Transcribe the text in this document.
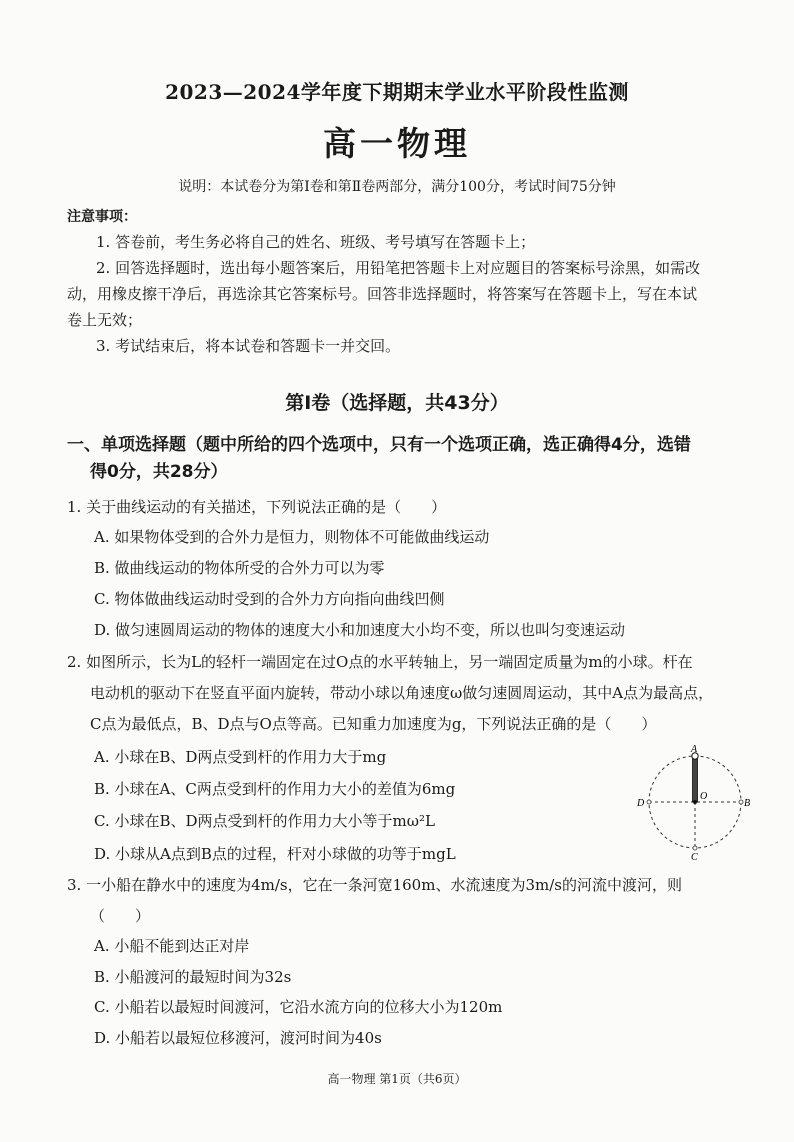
2023—2024学年度下期期末学业水平阶段性监测
高一物理
说明：本试卷分为第Ⅰ卷和第Ⅱ卷两部分，满分100分，考试时间75分钟
注意事项：
1. 答卷前，考生务必将自己的姓名、班级、考号填写在答题卡上；
2. 回答选择题时，选出每小题答案后，用铅笔把答题卡上对应题目的答案标号涂黑，如需改
动，用橡皮擦干净后，再选涂其它答案标号。回答非选择题时，将答案写在答题卡上，写在本试
卷上无效；
3. 考试结束后，将本试卷和答题卡一并交回。
第Ⅰ卷（选择题，共43分）
一、单项选择题（题中所给的四个选项中，只有一个选项正确，选正确得4分，选错
得0分，共28分）
1. 关于曲线运动的有关描述，下列说法正确的是（　　）
A. 如果物体受到的合外力是恒力，则物体不可能做曲线运动
B. 做曲线运动的物体所受的合外力可以为零
C. 物体做曲线运动时受到的合外力方向指向曲线凹侧
D. 做匀速圆周运动的物体的速度大小和加速度大小均不变，所以也叫匀变速运动
2. 如图所示，长为L的轻杆一端固定在过O点的水平转轴上，另一端固定质量为m的小球。杆在
电动机的驱动下在竖直平面内旋转，带动小球以角速度ω做匀速圆周运动，其中A点为最高点，
C点为最低点，B、D点与O点等高。已知重力加速度为g，下列说法正确的是（　　）
A. 小球在B、D两点受到杆的作用力大于mg
B. 小球在A、C两点受到杆的作用力大小的差值为6mg
C. 小球在B、D两点受到杆的作用力大小等于mω²L
D. 小球从A点到B点的过程，杆对小球做的功等于mgL
A
B
C
D
O
3. 一小船在静水中的速度为4m/s，它在一条河宽160m、水流速度为3m/s的河流中渡河，则
（　　）
A. 小船不能到达正对岸
B. 小船渡河的最短时间为32s
C. 小船若以最短时间渡河，它沿水流方向的位移大小为120m
D. 小船若以最短位移渡河，渡河时间为40s
高一物理 第1页（共6页）
